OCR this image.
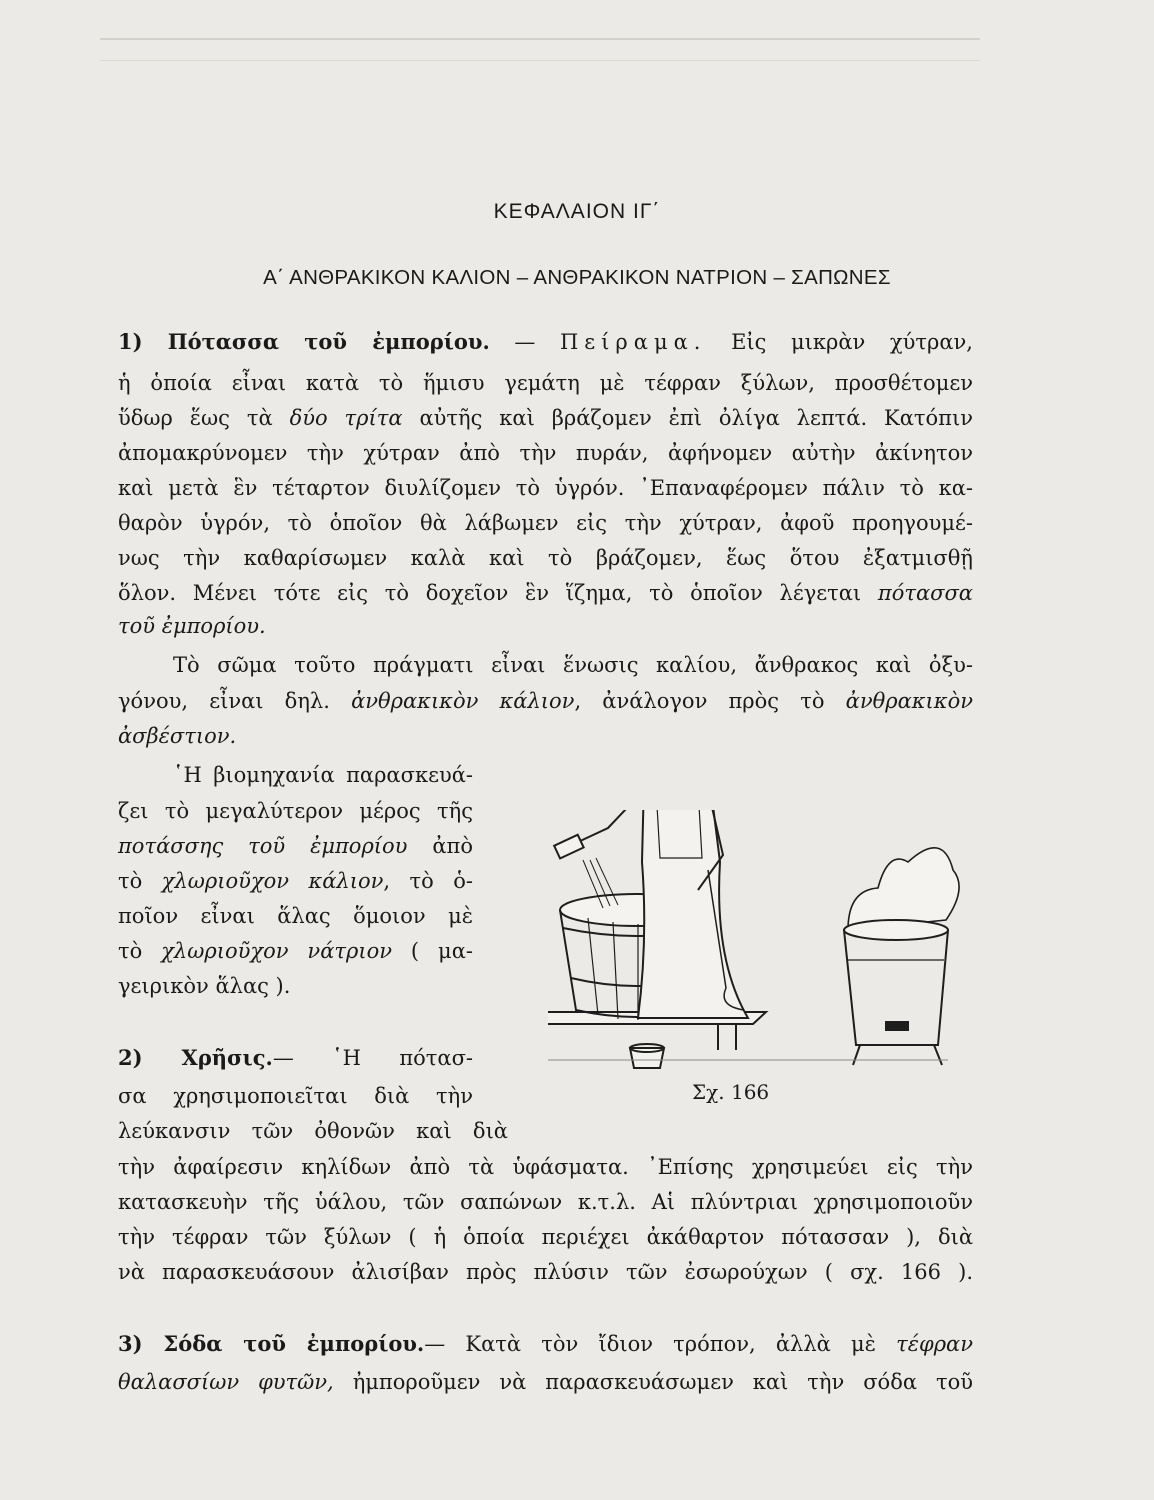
ΚΕΦΑΛΑΙΟΝ ΙΓ΄
Α΄ ΑΝΘΡΑΚΙΚΟΝ ΚΑΛΙΟΝ – ΑΝΘΡΑΚΙΚΟΝ ΝΑΤΡΙΟΝ – ΣΑΠΩΝΕΣ
1) Πότασσα τοῦ ἐμπορίου. — Πείραμα. Εἰς μικρὰν χύτραν,
ἡ ὁποία εἶναι κατὰ τὸ ἥμισυ γεμάτη μὲ τέφραν ξύλων, προσθέτομεν
ὕδωρ ἕως τὰ δύο τρίτα αὐτῆς καὶ βράζομεν ἐπὶ ὀλίγα λεπτά. Κατόπιν
ἀπομακρύνομεν τὴν χύτραν ἀπὸ τὴν πυράν, ἀφήνομεν αὐτὴν ἀκίνητον
καὶ μετὰ ἓν τέταρτον διυλίζομεν τὸ ὑγρόν. ᾿Επαναφέρομεν πάλιν τὸ κα-
θαρὸν ὑγρόν, τὸ ὁποῖον θὰ λάβωμεν εἰς τὴν χύτραν, ἀφοῦ προηγουμέ-
νως τὴν καθαρίσωμεν καλὰ καὶ τὸ βράζομεν, ἕως ὅτου ἐξατμισθῇ
ὅλον. Μένει τότε εἰς τὸ δοχεῖον ἓν ἵζημα, τὸ ὁποῖον λέγεται πότασσα
τοῦ ἐμπορίου.
Τὸ σῶμα τοῦτο πράγματι εἶναι ἕνωσις καλίου, ἄνθρακος καὶ ὀξυ-
γόνου, εἶναι δηλ. ἀνθρακικὸν κάλιον, ἀνάλογον πρὸς τὸ ἀνθρακικὸν
ἀσβέστιον.
῾Η βιομηχανία παρασκευά-
ζει τὸ μεγαλύτερον μέρος τῆς
ποτάσσης τοῦ ἐμπορίου ἀπὸ
τὸ χλωριοῦχον κάλιον, τὸ ὁ-
ποῖον εἶναι ἅλας ὅμοιον μὲ
τὸ χλωριοῦχον νάτριον ( μα-
γειρικὸν ἅλας ).
2) Χρῆσις.— ῾Η πότασ-
σα χρησιμοποιεῖται διὰ τὴν
λεύκανσιν τῶν ὀθονῶν καὶ διὰ
τὴν ἀφαίρεσιν κηλίδων ἀπὸ τὰ ὑφάσματα. ᾿Επίσης χρησιμεύει εἰς τὴν
κατασκευὴν τῆς ὑάλου, τῶν σαπώνων κ.τ.λ. Αἱ πλύντριαι χρησιμοποιοῦν
τὴν τέφραν τῶν ξύλων ( ἡ ὁποία περιέχει ἀκάθαρτον πότασσαν ), διὰ
νὰ παρασκευάσουν ἀλισίβαν πρὸς πλύσιν τῶν ἐσωρούχων ( σχ. 166 ).
3) Σόδα τοῦ ἐμπορίου.— Κατὰ τὸν ἴδιον τρόπον, ἀλλὰ μὲ τέφραν
θαλασσίων φυτῶν, ἠμποροῦμεν νὰ παρασκευάσωμεν καὶ τὴν σόδα τοῦ
Σχ. 166
